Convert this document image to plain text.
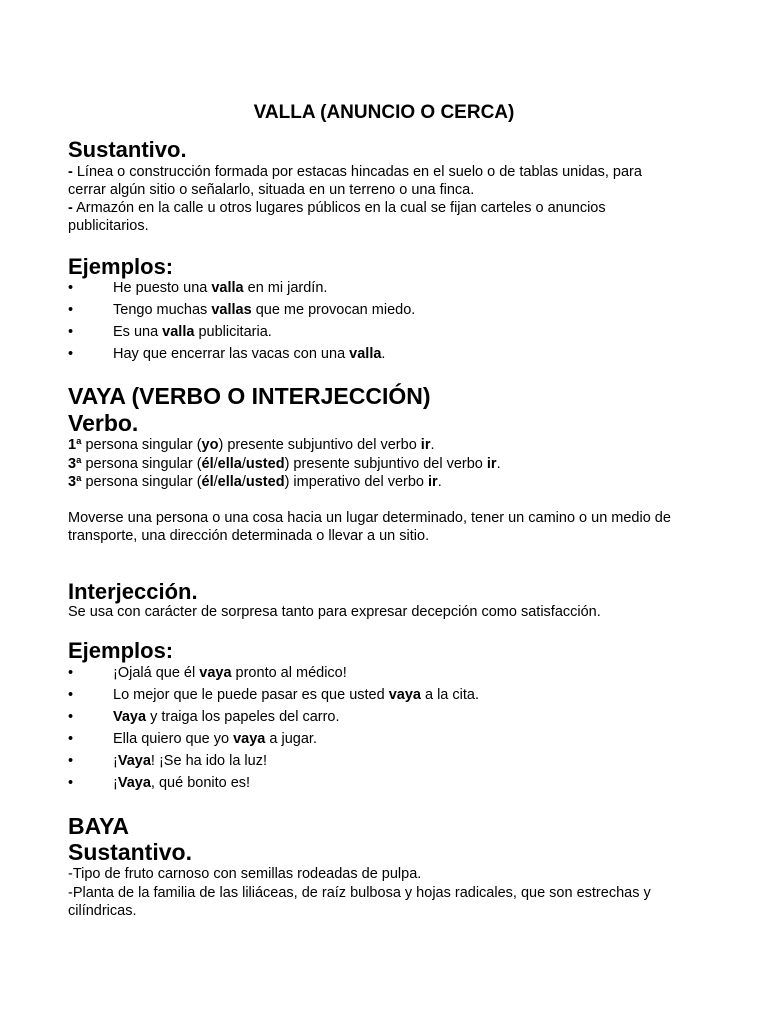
VALLA (ANUNCIO O CERCA)
Sustantivo.
- Línea o construcción formada por estacas hincadas en el suelo o de tablas unidas, para
cerrar algún sitio o señalarlo, situada en un terreno o una finca.
- Armazón en la calle u otros lugares públicos en la cual se fijan carteles o anuncios
publicitarios.
Ejemplos:
•	He puesto una valla en mi jardín.
•	Tengo muchas vallas que me provocan miedo.
•	Es una valla publicitaria.
•	Hay que encerrar las vacas con una valla.
VAYA (VERBO O INTERJECCIÓN)
Verbo.
1ª persona singular (yo) presente subjuntivo del verbo ir.
3ª persona singular (él/ella/usted) presente subjuntivo del verbo ir.
3ª persona singular (él/ella/usted) imperativo del verbo ir.
Moverse una persona o una cosa hacia un lugar determinado, tener un camino o un medio de
transporte, una dirección determinada o llevar a un sitio.
Interjección.
Se usa con carácter de sorpresa tanto para expresar decepción como satisfacción.
Ejemplos:
•	¡Ojalá que él vaya pronto al médico!
•	Lo mejor que le puede pasar es que usted vaya a la cita.
•	Vaya y traiga los papeles del carro.
•	Ella quiero que yo vaya a jugar.
•	¡Vaya! ¡Se ha ido la luz!
•	¡Vaya, qué bonito es!
BAYA
Sustantivo.
-Tipo de fruto carnoso con semillas rodeadas de pulpa.
-Planta de la familia de las liliáceas, de raíz bulbosa y hojas radicales, que son estrechas y
cilíndricas.
